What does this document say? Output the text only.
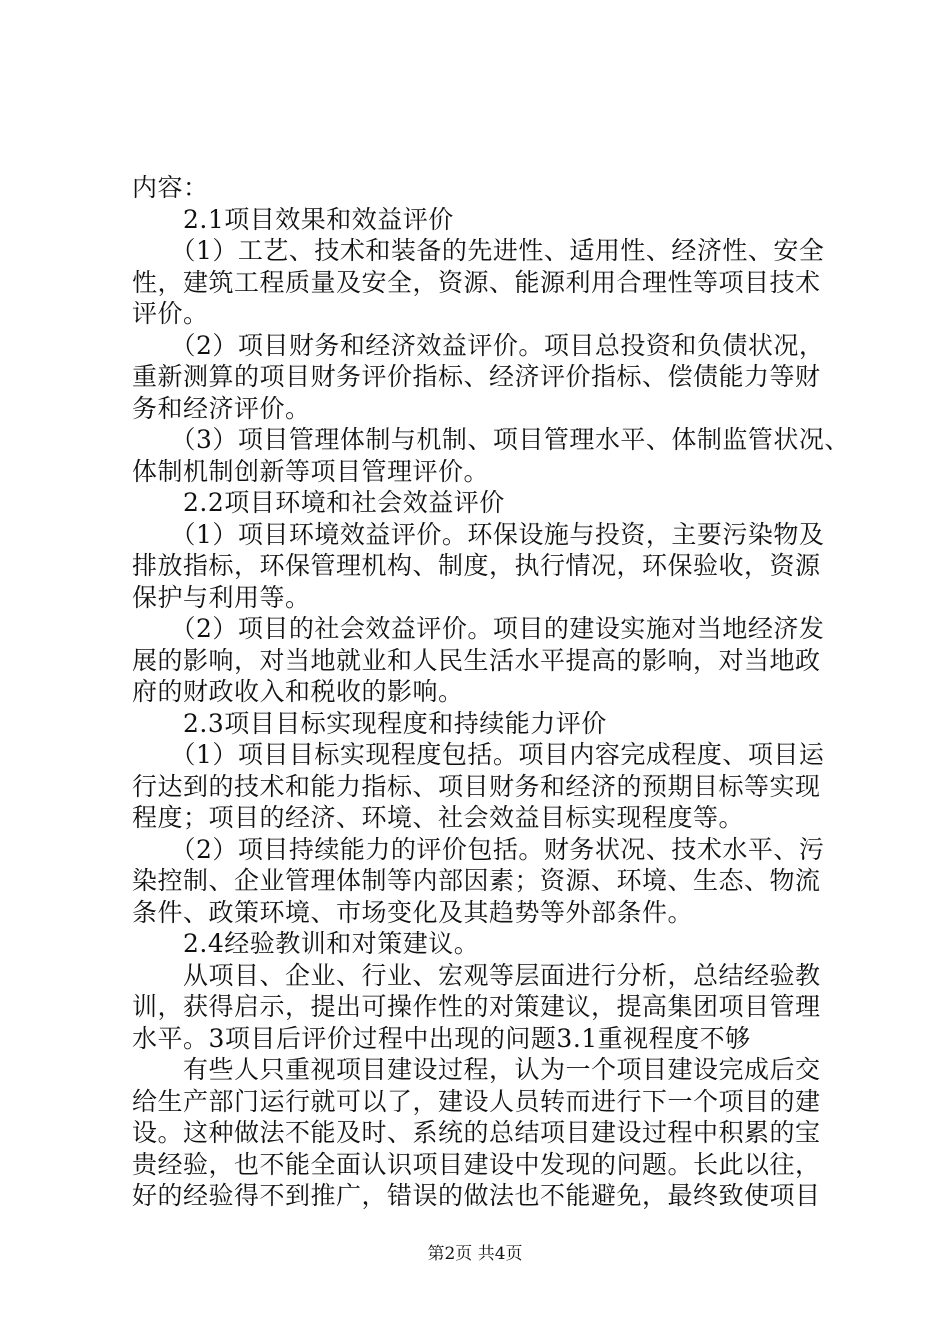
内容：
　　2.1项目效果和效益评价
　　（1）工艺、技术和装备的先进性、适用性、经济性、安全
性，建筑工程质量及安全，资源、能源利用合理性等项目技术
评价。
　　（2）项目财务和经济效益评价。项目总投资和负债状况，
重新测算的项目财务评价指标、经济评价指标、偿债能力等财
务和经济评价。
　　（3）项目管理体制与机制、项目管理水平、体制监管状况、
体制机制创新等项目管理评价。
　　2.2项目环境和社会效益评价
　　（1）项目环境效益评价。环保设施与投资，主要污染物及
排放指标，环保管理机构、制度，执行情况，环保验收，资源
保护与利用等。
　　（2）项目的社会效益评价。项目的建设实施对当地经济发
展的影响，对当地就业和人民生活水平提高的影响，对当地政
府的财政收入和税收的影响。
　　2.3项目目标实现程度和持续能力评价
　　（1）项目目标实现程度包括。项目内容完成程度、项目运
行达到的技术和能力指标、项目财务和经济的预期目标等实现
程度；项目的经济、环境、社会效益目标实现程度等。
　　（2）项目持续能力的评价包括。财务状况、技术水平、污
染控制、企业管理体制等内部因素；资源、环境、生态、物流
条件、政策环境、市场变化及其趋势等外部条件。
　　2.4经验教训和对策建议。
　　从项目、企业、行业、宏观等层面进行分析，总结经验教
训，获得启示，提出可操作性的对策建议，提高集团项目管理
水平。3项目后评价过程中出现的问题3.1重视程度不够
　　有些人只重视项目建设过程，认为一个项目建设完成后交
给生产部门运行就可以了，建设人员转而进行下一个项目的建
设。这种做法不能及时、系统的总结项目建设过程中积累的宝
贵经验，也不能全面认识项目建设中发现的问题。长此以往，
好的经验得不到推广，错误的做法也不能避免，最终致使项目
第2页 共4页
